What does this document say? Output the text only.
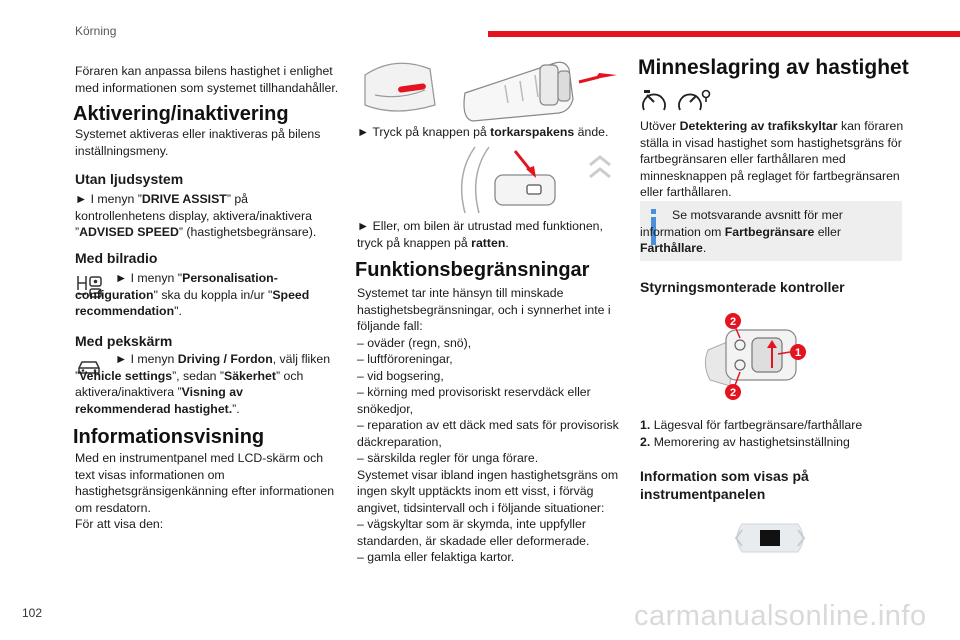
Körning

Föraren kan anpassa bilens hastighet i enlighet med informationen som systemet tillhandahåller.

Aktivering/inaktivering

Systemet aktiveras eller inaktiveras på bilens inställningsmeny.

Utan ljudsystem

► I menyn ”DRIVE ASSIST” på kontrollenhetens display, aktivera/inaktivera ”ADVISED SPEED” (hastighetsbegränsare).

Med bilradio

► I menyn "Personalisation-configuration" ska du koppla in/ur "Speed recommendation".

Med pekskärm

► I menyn Driving / Fordon, välj fliken ”Vehicle settings”, sedan ”Säkerhet” och aktivera/inaktivera ”Visning av rekommenderad hastighet.”.

Informationsvisning

Med en instrumentpanel med LCD-skärm och text visas informationen om hastighetsgränsigenkänning efter informationen om resdatorn.

För att visa den:

► Tryck på knappen på torkarspakens ände.

► Eller, om bilen är utrustad med funktionen, tryck på knappen på ratten.

Funktionsbegränsningar

Systemet tar inte hänsyn till minskade hastighetsbegränsningar, och i synnerhet inte i följande fall:

– oväder (regn, snö),

– luftföroreningar,

– vid bogsering,

– körning med provisoriskt reservdäck eller snökedjor,

– reparation av ett däck med sats för provisorisk däckreparation,

– särskilda regler för unga förare.

Systemet visar ibland ingen hastighetsgräns om ingen skylt upptäckts inom ett visst, i förväg angivet, tidsintervall och i följande situationer:

– vägskyltar som är skymda, inte uppfyller standarden, är skadade eller deformerade.

– gamla eller felaktiga kartor.

Minneslagring av hastighet

Utöver Detektering av trafikskyltar kan föraren ställa in visad hastighet som hastighetsgräns för fartbegränsaren eller farthållaren med minnesknappen på reglaget för fartbegränsaren eller farthållaren.

Se motsvarande avsnitt för mer information om Fartbegränsare eller Farthållare.

Styrningsmonterade kontroller
2
1
2

1. Lägesval för fartbegränsare/farthållare

2. Memorering av hastighetsinställning

Information som visas på instrumentpanelen
102	carmanualsonline.info
